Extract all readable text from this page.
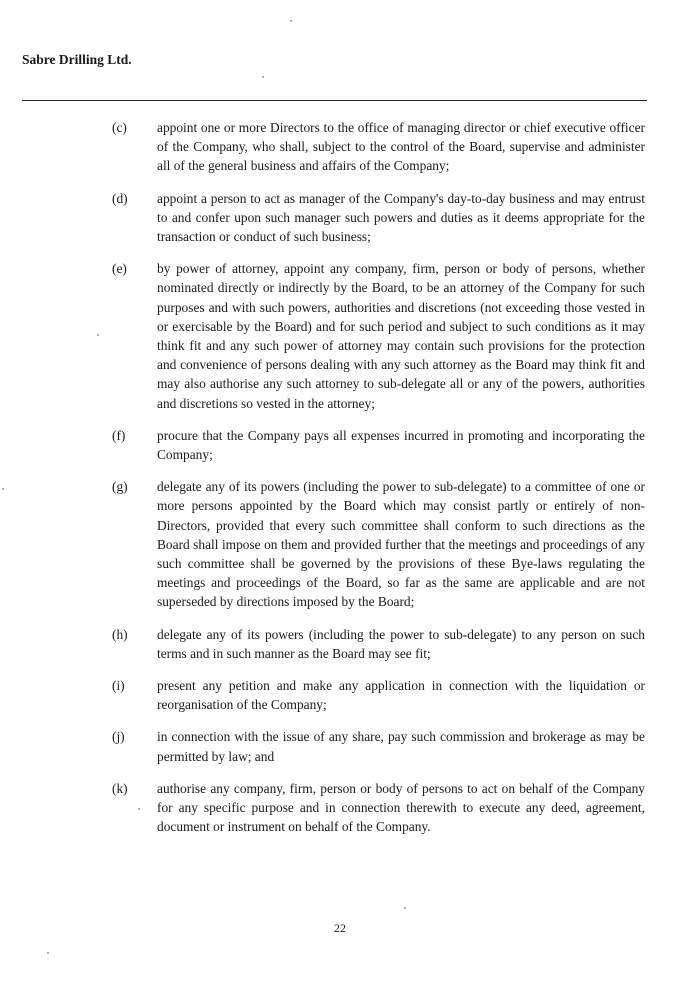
Sabre Drilling Ltd.
(c) appoint one or more Directors to the office of managing director or chief executive officer of the Company, who shall, subject to the control of the Board, supervise and administer all of the general business and affairs of the Company;
(d) appoint a person to act as manager of the Company's day-to-day business and may entrust to and confer upon such manager such powers and duties as it deems appropriate for the transaction or conduct of such business;
(e) by power of attorney, appoint any company, firm, person or body of persons, whether nominated directly or indirectly by the Board, to be an attorney of the Company for such purposes and with such powers, authorities and discretions (not exceeding those vested in or exercisable by the Board) and for such period and subject to such conditions as it may think fit and any such power of attorney may contain such provisions for the protection and convenience of persons dealing with any such attorney as the Board may think fit and may also authorise any such attorney to sub-delegate all or any of the powers, authorities and discretions so vested in the attorney;
(f) procure that the Company pays all expenses incurred in promoting and incorporating the Company;
(g) delegate any of its powers (including the power to sub-delegate) to a committee of one or more persons appointed by the Board which may consist partly or entirely of non-Directors, provided that every such committee shall conform to such directions as the Board shall impose on them and provided further that the meetings and proceedings of any such committee shall be governed by the provisions of these Bye-laws regulating the meetings and proceedings of the Board, so far as the same are applicable and are not superseded by directions imposed by the Board;
(h) delegate any of its powers (including the power to sub-delegate) to any person on such terms and in such manner as the Board may see fit;
(i) present any petition and make any application in connection with the liquidation or reorganisation of the Company;
(j) in connection with the issue of any share, pay such commission and brokerage as may be permitted by law; and
(k) authorise any company, firm, person or body of persons to act on behalf of the Company for any specific purpose and in connection therewith to execute any deed, agreement, document or instrument on behalf of the Company.
22
